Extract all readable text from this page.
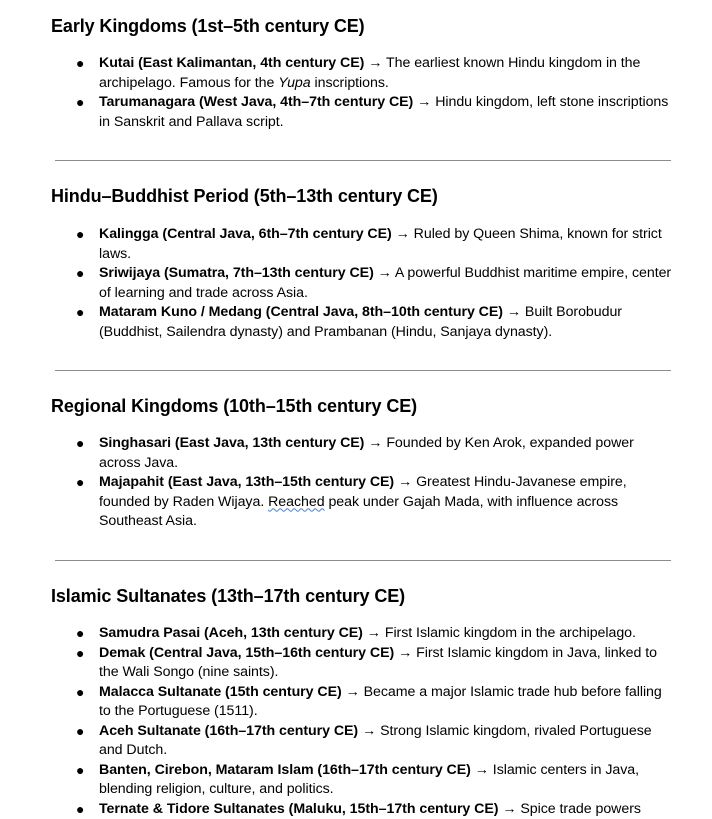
Early Kingdoms (1st–5th century CE)
● Kutai (East Kalimantan, 4th century CE) → The earliest known Hindu kingdom in the archipelago. Famous for the Yupa inscriptions.
● Tarumanagara (West Java, 4th–7th century CE) → Hindu kingdom, left stone inscriptions in Sanskrit and Pallava script.
Hindu–Buddhist Period (5th–13th century CE)
● Kalingga (Central Java, 6th–7th century CE) → Ruled by Queen Shima, known for strict laws.
● Sriwijaya (Sumatra, 7th–13th century CE) → A powerful Buddhist maritime empire, center of learning and trade across Asia.
● Mataram Kuno / Medang (Central Java, 8th–10th century CE) → Built Borobudur (Buddhist, Sailendra dynasty) and Prambanan (Hindu, Sanjaya dynasty).
Regional Kingdoms (10th–15th century CE)
● Singhasari (East Java, 13th century CE) → Founded by Ken Arok, expanded power across Java.
● Majapahit (East Java, 13th–15th century CE) → Greatest Hindu-Javanese empire, founded by Raden Wijaya. Reached peak under Gajah Mada, with influence across Southeast Asia.
Islamic Sultanates (13th–17th century CE)
● Samudra Pasai (Aceh, 13th century CE) → First Islamic kingdom in the archipelago.
● Demak (Central Java, 15th–16th century CE) → First Islamic kingdom in Java, linked to the Wali Songo (nine saints).
● Malacca Sultanate (15th century CE) → Became a major Islamic trade hub before falling to the Portuguese (1511).
● Aceh Sultanate (16th–17th century CE) → Strong Islamic kingdom, rivaled Portuguese and Dutch.
● Banten, Cirebon, Mataram Islam (16th–17th century CE) → Islamic centers in Java, blending religion, culture, and politics.
● Ternate & Tidore Sultanates (Maluku, 15th–17th century CE) → Spice trade powers
